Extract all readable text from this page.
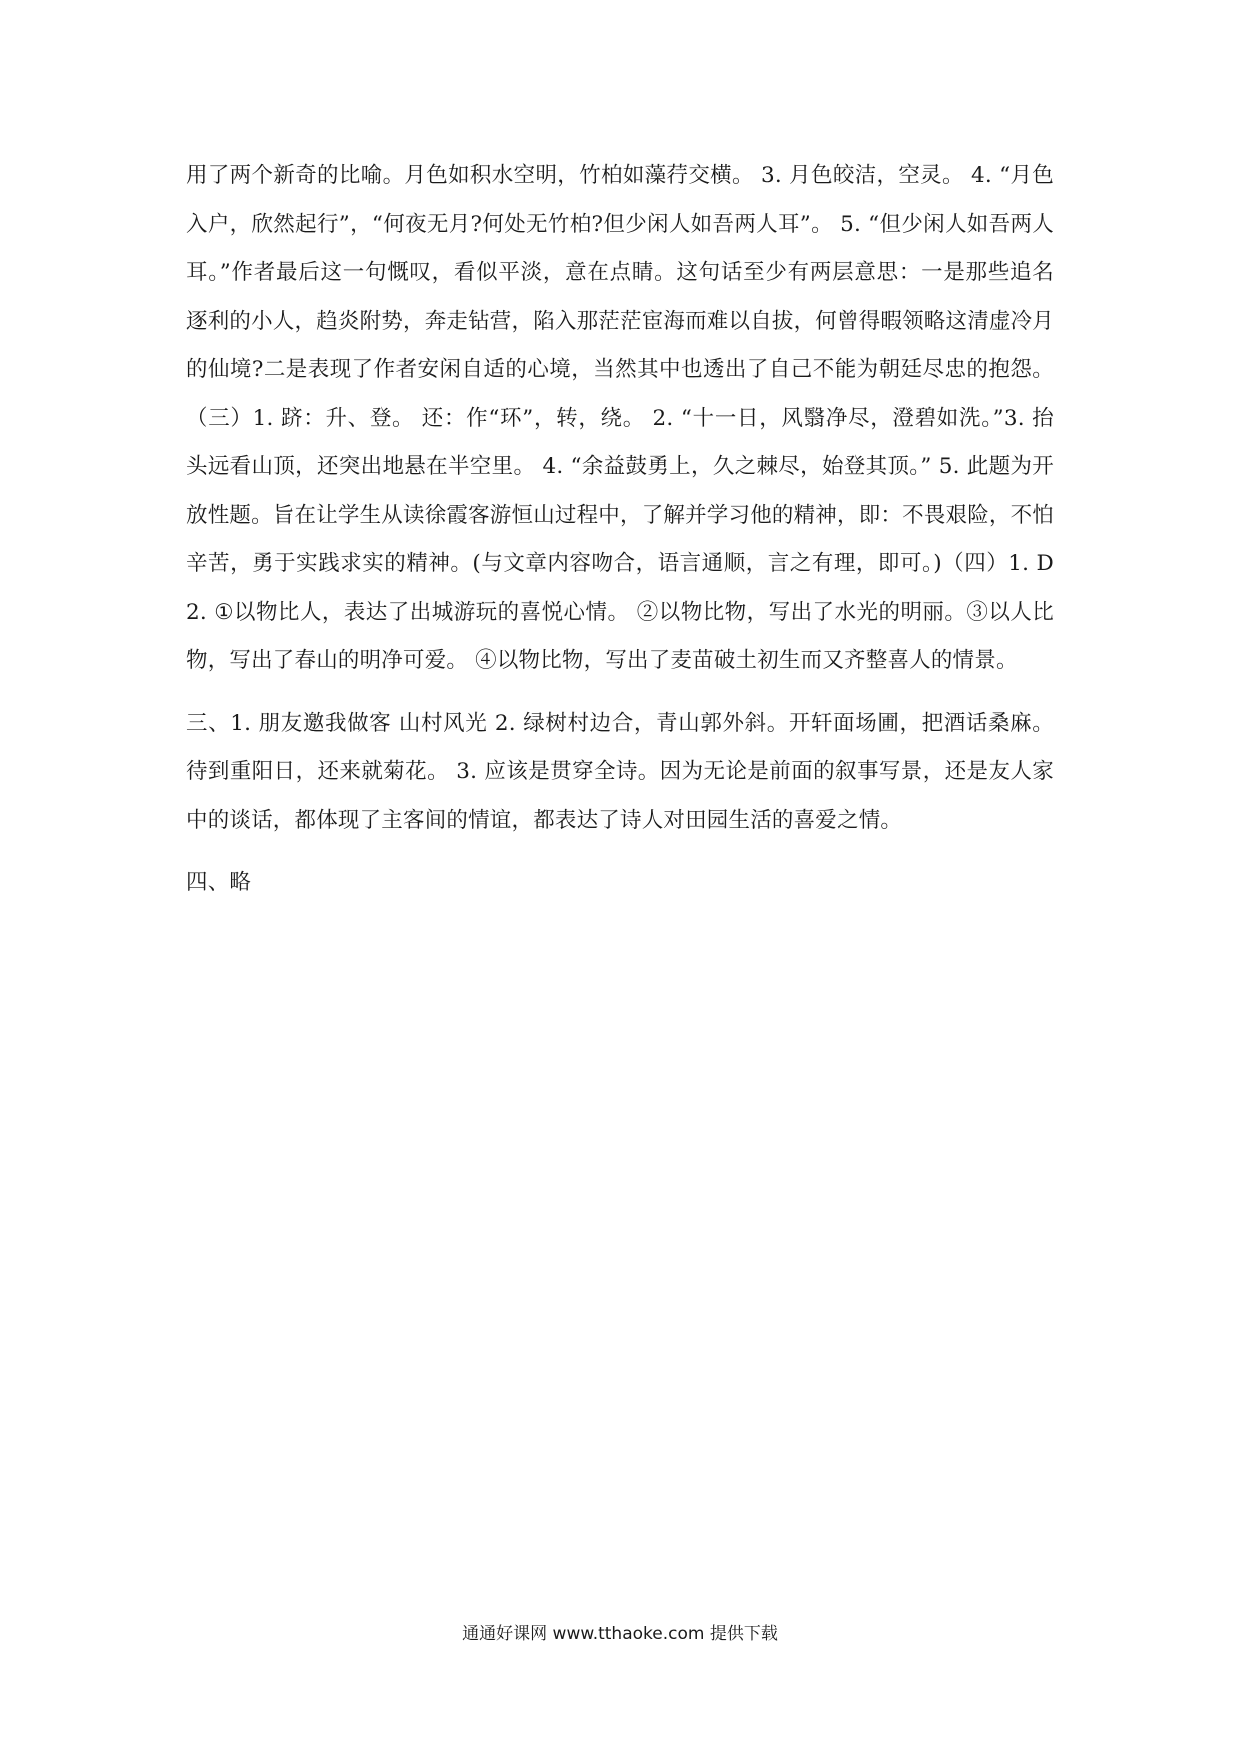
用了两个新奇的比喻。月色如积水空明，竹柏如藻荇交横。 3. 月色皎洁，空灵。 4. “月色入户，欣然起行”，“何夜无月?何处无竹柏?但少闲人如吾两人耳”。 5. “但少闲人如吾两人耳。”作者最后这一句慨叹，看似平淡，意在点睛。这句话至少有两层意思：一是那些追名逐利的小人，趋炎附势，奔走钻营，陷入那茫茫宦海而难以自拔，何曾得暇领略这清虚冷月的仙境?二是表现了作者安闲自适的心境，当然其中也透出了自己不能为朝廷尽忠的抱怨。（三）1. 跻：升、登。 还：作“环”，转，绕。 2. “十一日，风翳净尽，澄碧如洗。”3. 抬头远看山顶，还突出地悬在半空里。 4. “余益鼓勇上，久之棘尽，始登其顶。” 5. 此题为开放性题。旨在让学生从读徐霞客游恒山过程中，了解并学习他的精神，即：不畏艰险，不怕辛苦，勇于实践求实的精神。(与文章内容吻合，语言通顺，言之有理，即可。)（四）1. D 2. ①以物比人，表达了出城游玩的喜悦心情。 ②以物比物，写出了水光的明丽。③以人比物，写出了春山的明净可爱。 ④以物比物，写出了麦苗破土初生而又齐整喜人的情景。

三、1. 朋友邀我做客 山村风光 2. 绿树村边合，青山郭外斜。开轩面场圃，把酒话桑麻。待到重阳日，还来就菊花。 3. 应该是贯穿全诗。因为无论是前面的叙事写景，还是友人家中的谈话，都体现了主客间的情谊，都表达了诗人对田园生活的喜爱之情。

四、略

通通好课网 www.tthaoke.com 提供下载
